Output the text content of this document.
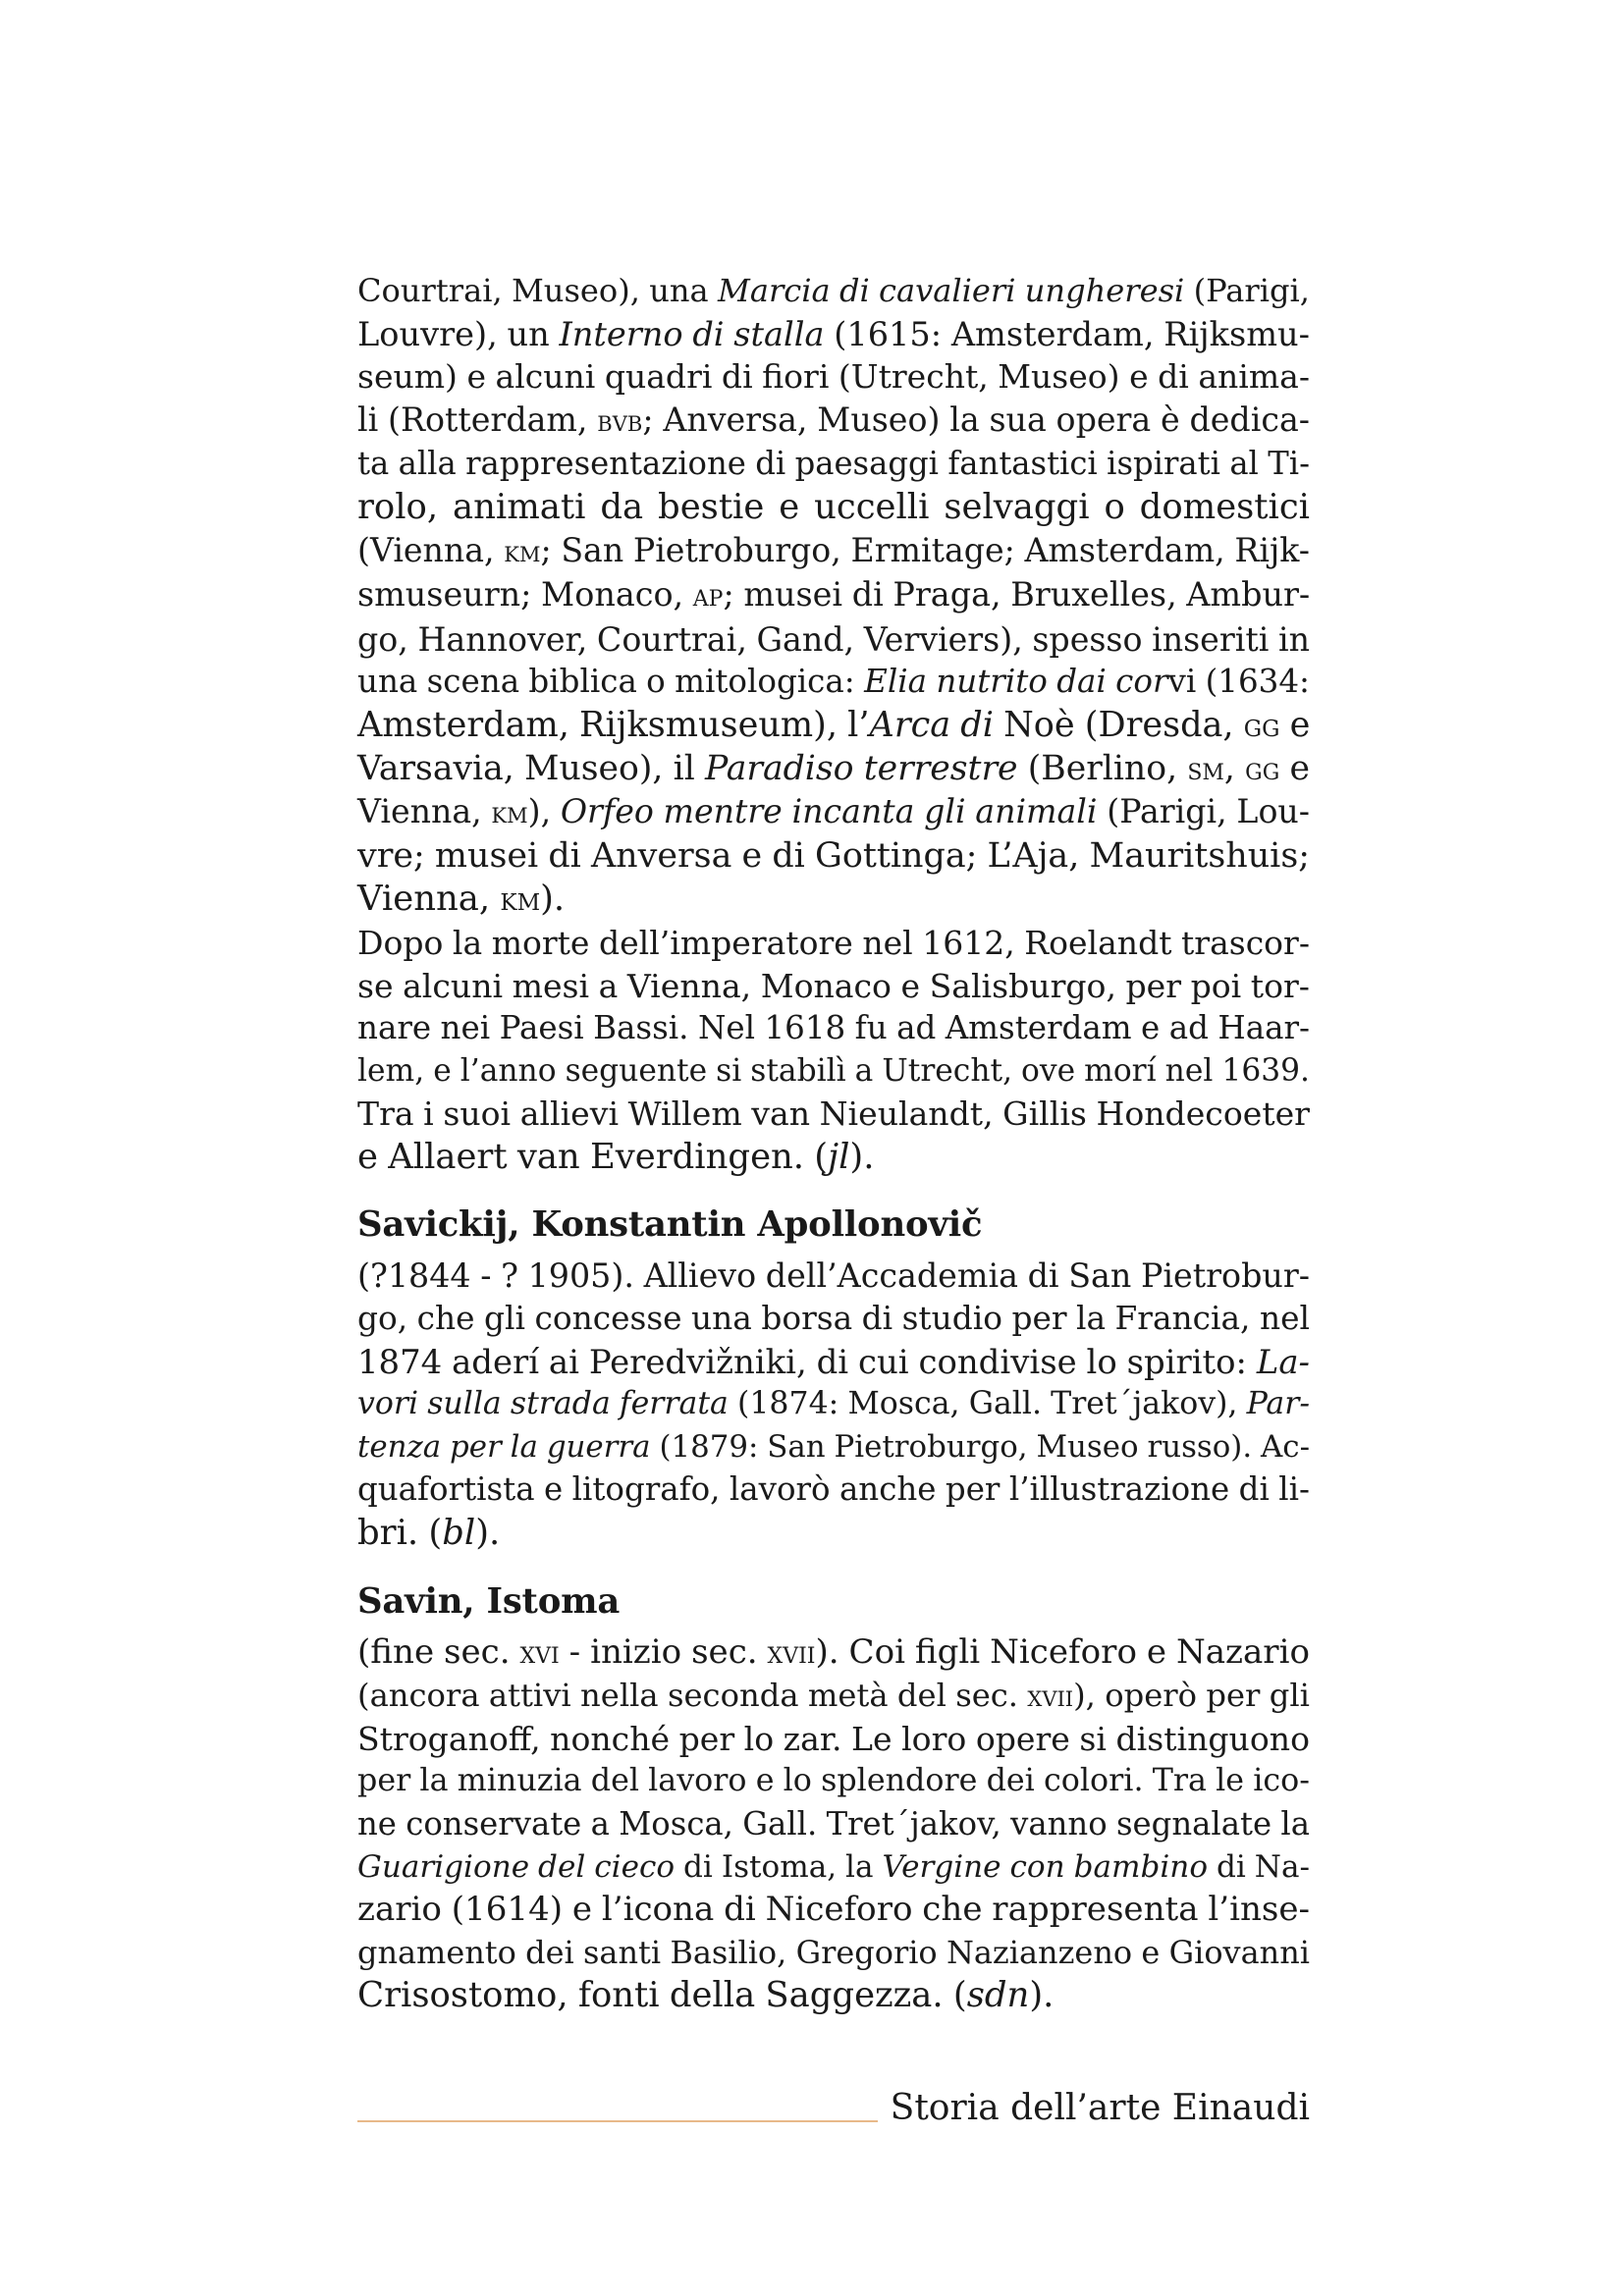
Courtrai, Museo), una Marcia di cavalieri ungheresi (Parigi,
Louvre), un Interno di stalla (1615: Amsterdam, Rijksmu-
seum) e alcuni quadri di fiori (Utrecht, Museo) e di anima-
li (Rotterdam, bvb; Anversa, Museo) la sua opera è dedica-
ta alla rappresentazione di paesaggi fantastici ispirati al Ti-
rolo, animati da bestie e uccelli selvaggi o domestici
(Vienna, km; San Pietroburgo, Ermitage; Amsterdam, Rijk-
smuseurn; Monaco, ap; musei di Praga, Bruxelles, Ambur-
go, Hannover, Courtrai, Gand, Verviers), spesso inseriti in
una scena biblica o mitologica: Elia nutrito dai corvi (1634:
Amsterdam, Rijksmuseum), l’Arca di Noè (Dresda, gg e
Varsavia, Museo), il Paradiso terrestre (Berlino, sm, gg e
Vienna, km), Orfeo mentre incanta gli animali (Parigi, Lou-
vre; musei di Anversa e di Gottinga; L’Aja, Mauritshuis;
Vienna, km).
Dopo la morte dell’imperatore nel 1612, Roelandt trascor-
se alcuni mesi a Vienna, Monaco e Salisburgo, per poi tor-
nare nei Paesi Bassi. Nel 1618 fu ad Amsterdam e ad Haar-
lem, e l’anno seguente si stabilì a Utrecht, ove morí nel 1639.
Tra i suoi allievi Willem van Nieulandt, Gillis Hondecoeter
e Allaert van Everdingen. (jl).
Savickij, Konstantin Apollonovič
(?1844 - ? 1905). Allievo dell’Accademia di San Pietrobur-
go, che gli concesse una borsa di studio per la Francia, nel
1874 aderí ai Peredvižniki, di cui condivise lo spirito: La-
vori sulla strada ferrata (1874: Mosca, Gall. Tret´jakov), Par-
tenza per la guerra (1879: San Pietroburgo, Museo russo). Ac-
quafortista e litografo, lavorò anche per l’illustrazione di li-
bri. (bl).
Savin, Istoma
(fine sec. xvi - inizio sec. xvii). Coi figli Niceforo e Nazario
(ancora attivi nella seconda metà del sec. xvii), operò per gli
Stroganoff, nonché per lo zar. Le loro opere si distinguono
per la minuzia del lavoro e lo splendore dei colori. Tra le ico-
ne conservate a Mosca, Gall. Tret´jakov, vanno segnalate la
Guarigione del cieco di Istoma, la Vergine con bambino di Na-
zario (1614) e l’icona di Niceforo che rappresenta l’inse-
gnamento dei santi Basilio, Gregorio Nazianzeno e Giovanni
Crisostomo, fonti della Saggezza. (sdn).
Storia dell’arte Einaudi
